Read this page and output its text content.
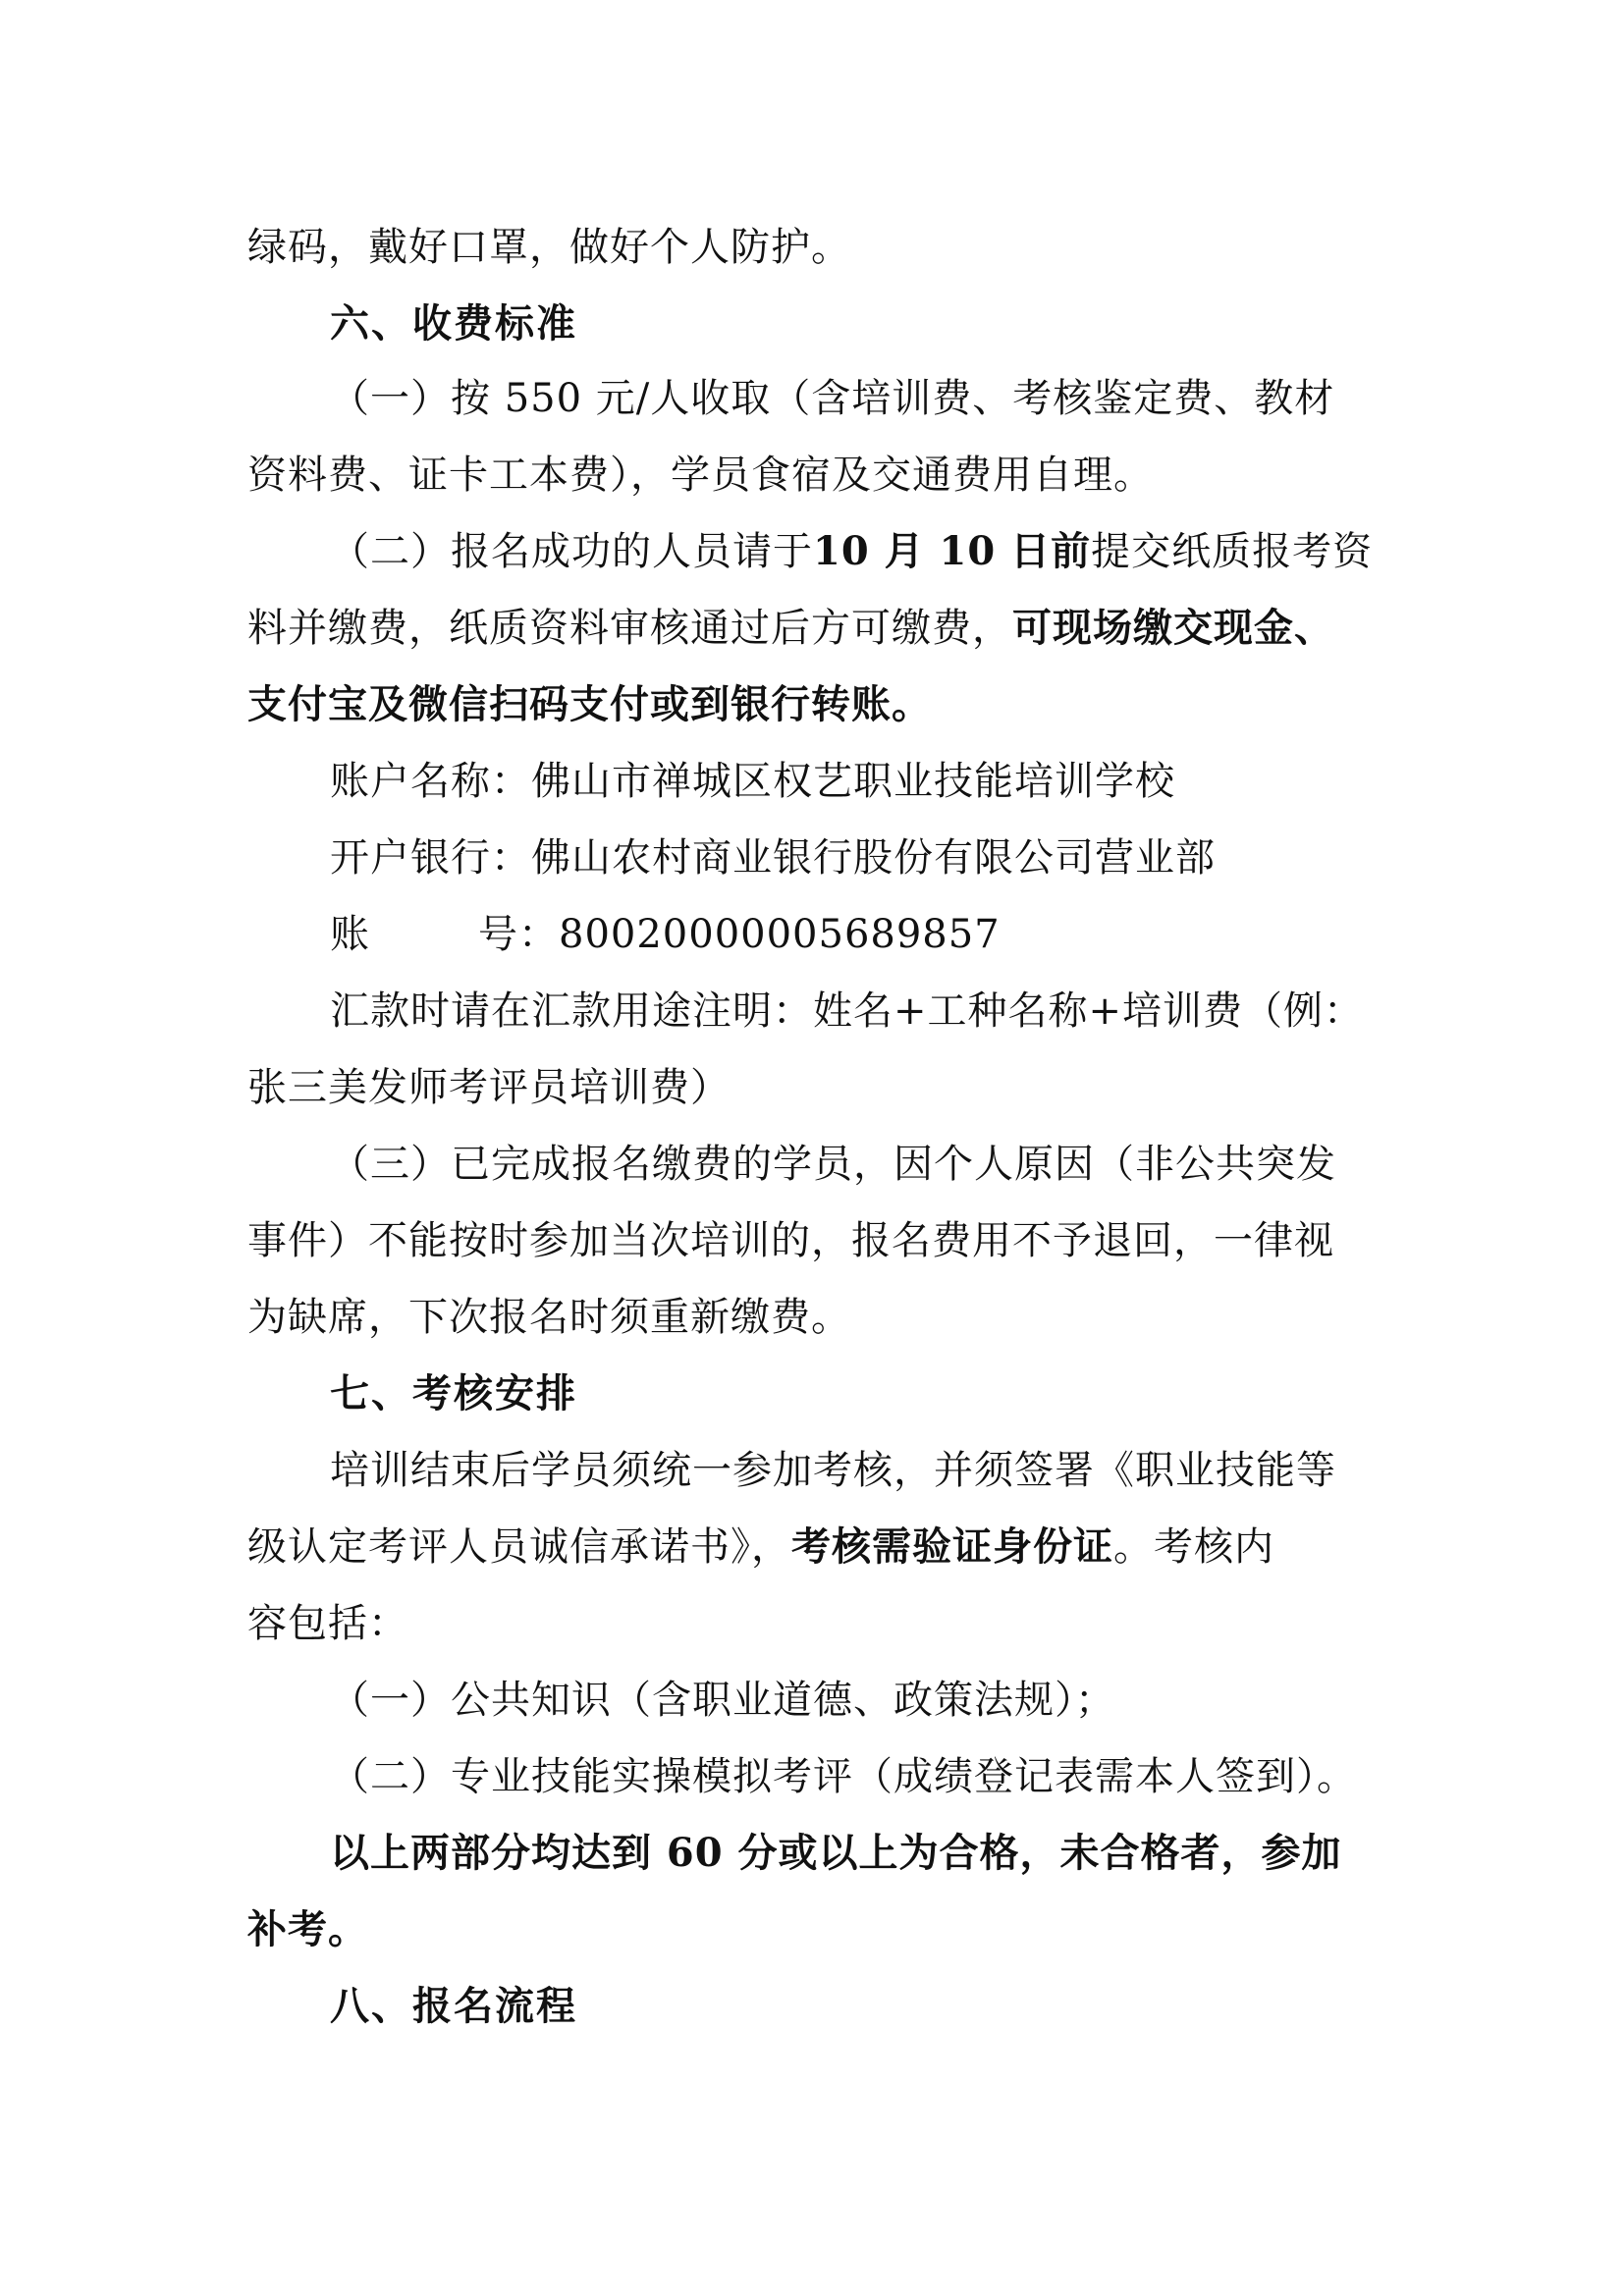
绿码，戴好口罩，做好个人防护。
六、收费标准
（一）按 550 元/人收取（含培训费、考核鉴定费、教材
资料费、证卡工本费），学员食宿及交通费用自理。
（二）报名成功的人员请于10 月 10 日前提交纸质报考资
料并缴费，纸质资料审核通过后方可缴费，可现场缴交现金、
支付宝及微信扫码支付或到银行转账。
账户名称：佛山市禅城区权艺职业技能培训学校
开户银行：佛山农村商业银行股份有限公司营业部
账	号：80020000005689857
汇款时请在汇款用途注明：姓名+工种名称+培训费（例：
张三美发师考评员培训费）
（三）已完成报名缴费的学员，因个人原因（非公共突发
事件）不能按时参加当次培训的，报名费用不予退回，一律视
为缺席，下次报名时须重新缴费。
七、考核安排
培训结束后学员须统一参加考核，并须签署《职业技能等
级认定考评人员诚信承诺书》，考核需验证身份证。考核内
容包括：
（一）公共知识（含职业道德、政策法规）；
（二）专业技能实操模拟考评（成绩登记表需本人签到）。
以上两部分均达到 60 分或以上为合格，未合格者，参加
补考。
八、报名流程
